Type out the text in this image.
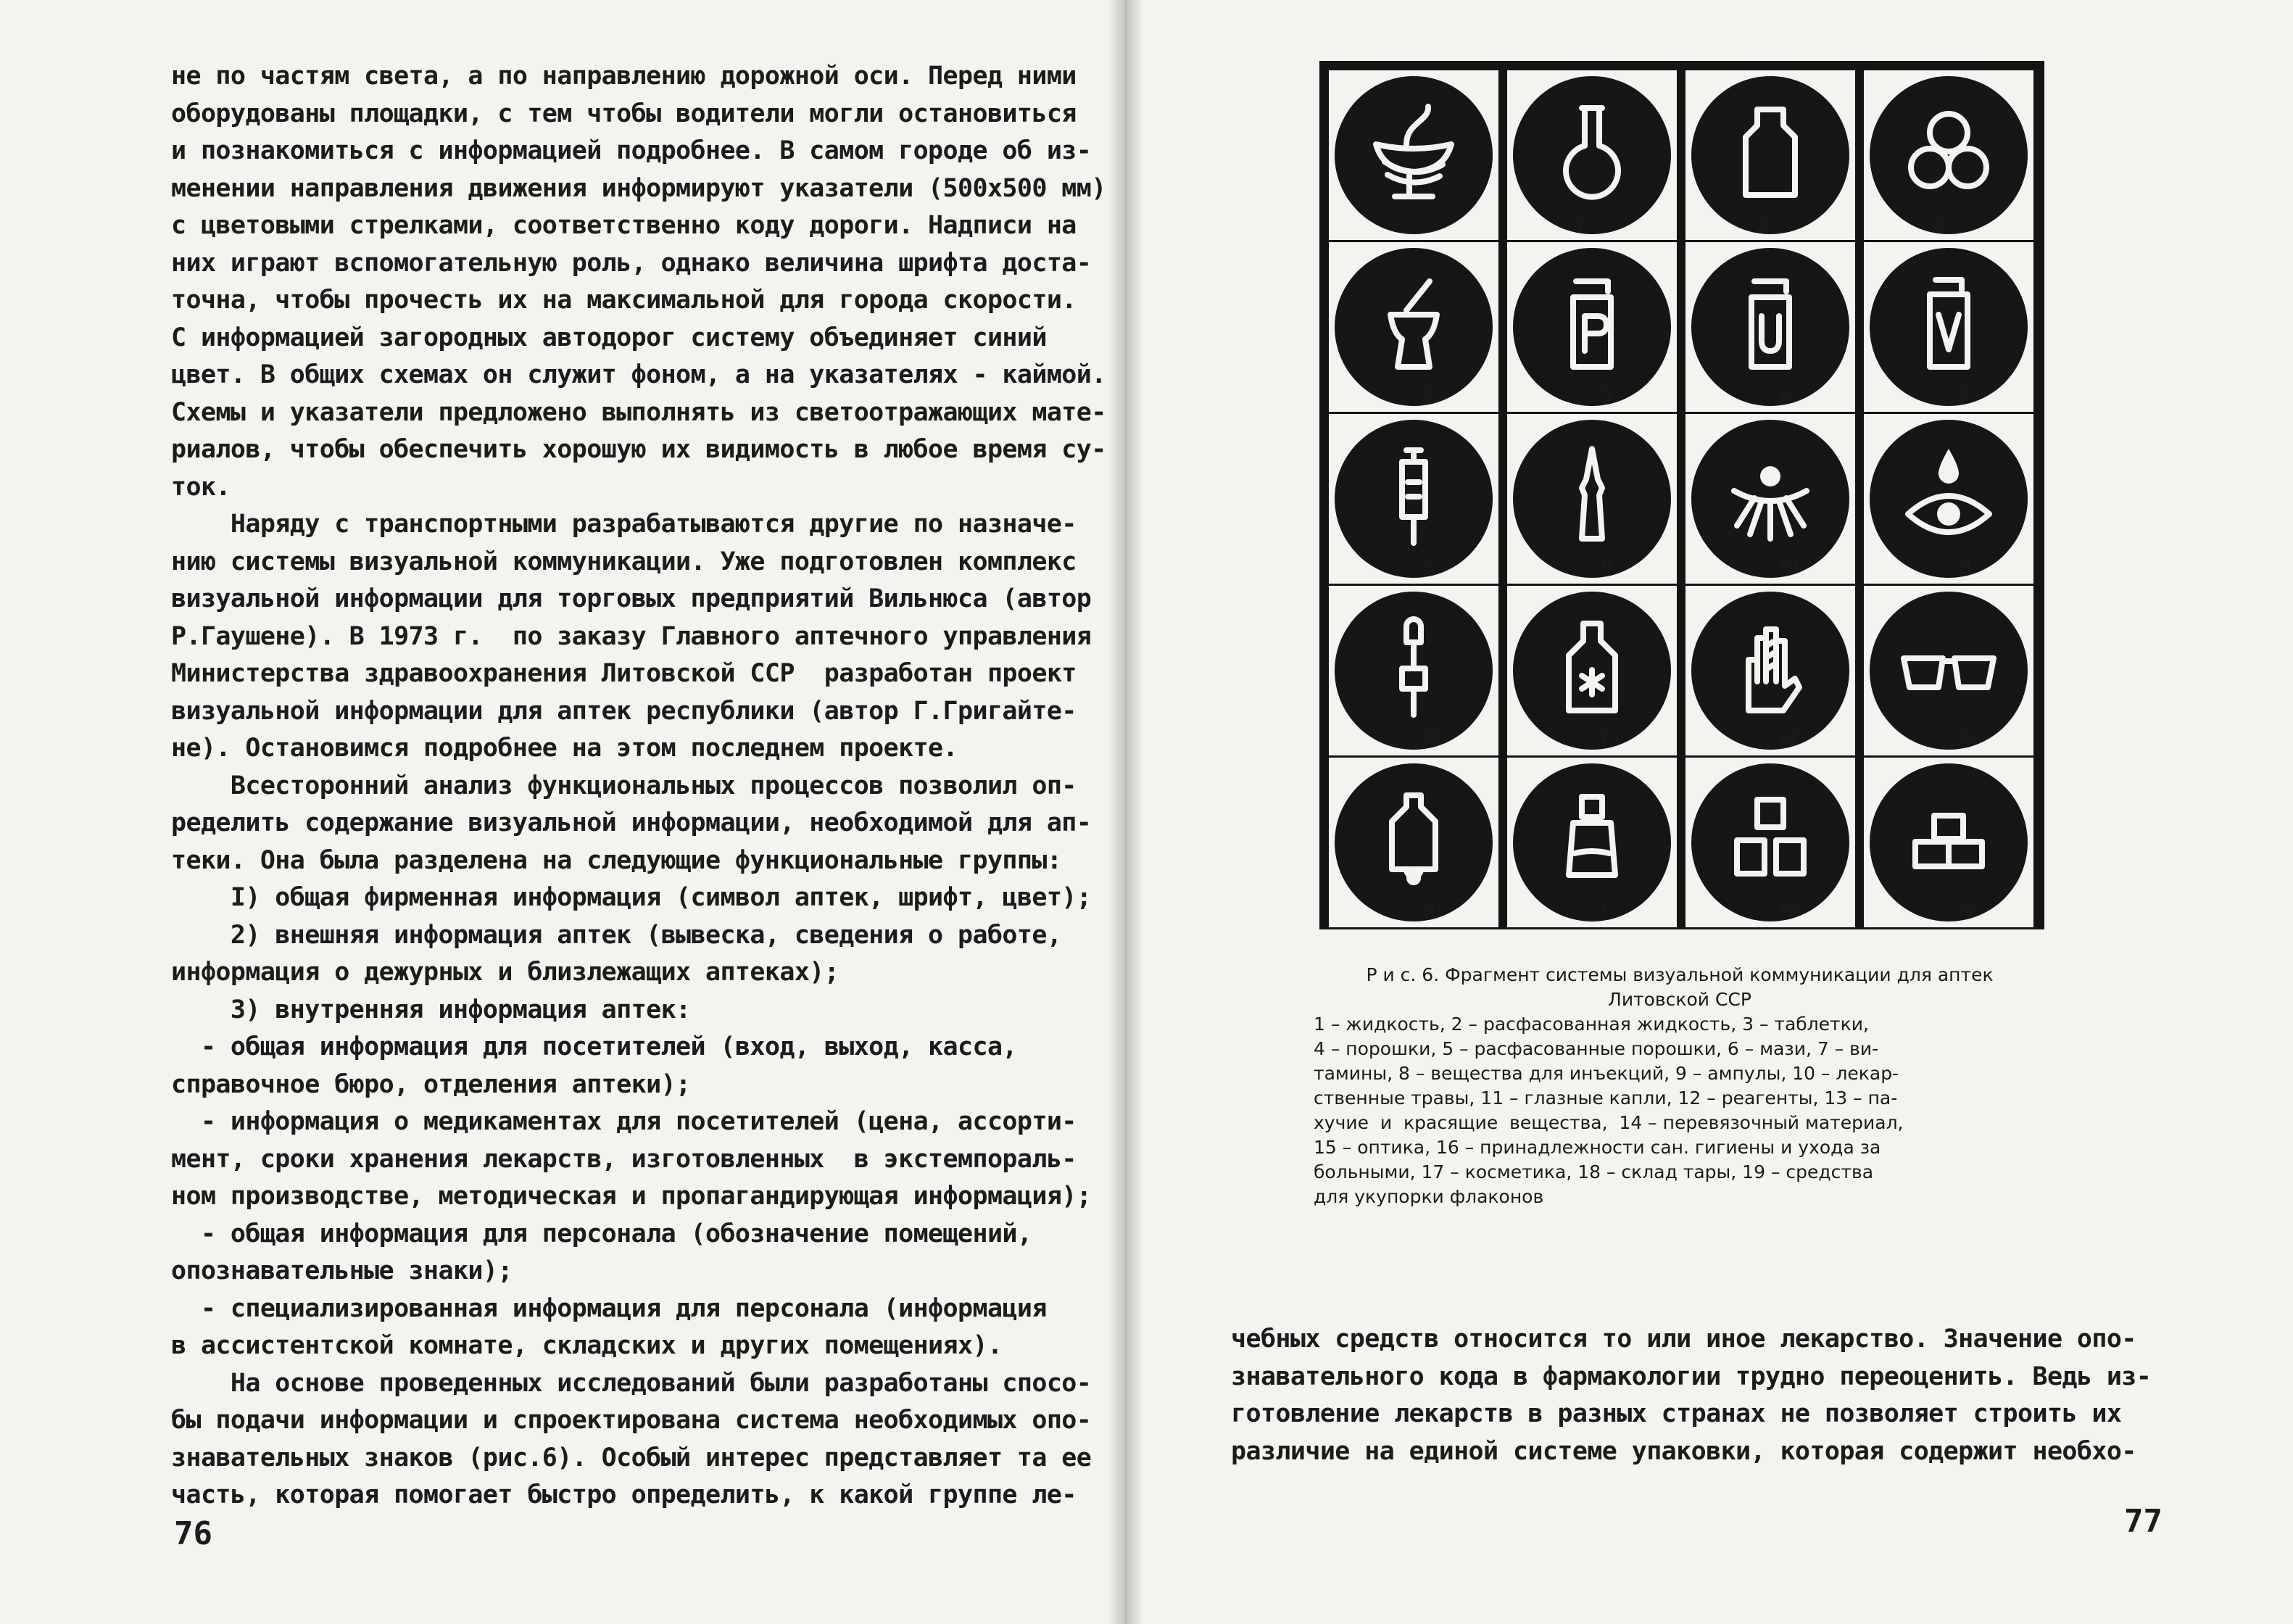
не по частям света, а по направлению дорожной оси. Перед ними
оборудованы площадки, с тем чтобы водители могли остановиться
и познакомиться с информацией подробнее. В самом городе об из-
менении направления движения информируют указатели (500х500 мм)
с цветовыми стрелками, соответственно коду дороги. Надписи на
них играют вспомогательную роль, однако величина шрифта доста-
точна, чтобы прочесть их на максимальной для города скорости.
С информацией загородных автодорог систему объединяет синий
цвет. В общих схемах он служит фоном, а на указателях - каймой.
Схемы и указатели предложено выполнять из светоотражающих мате-
риалов, чтобы обеспечить хорошую их видимость в любое время су-
ток.
Наряду с транспортными разрабатываются другие по назначе-
нию системы визуальной коммуникации. Уже подготовлен комплекс
визуальной информации для торговых предприятий Вильнюса (автор
Р.Гаушене). В 1973 г.  по заказу Главного аптечного управления
Министерства здравоохранения Литовской ССР  разработан проект
визуальной информации для аптек республики (автор Г.Григайте-
не). Остановимся подробнее на этом последнем проекте.
Всесторонний анализ функциональных процессов позволил оп-
ределить содержание визуальной информации, необходимой для ап-
теки. Она была разделена на следующие функциональные группы:
I) общая фирменная информация (символ аптек, шрифт, цвет);
2) внешняя информация аптек (вывеска, сведения о работе,
информация о дежурных и близлежащих аптеках);
3) внутренняя информация аптек:
- общая информация для посетителей (вход, выход, касса,
справочное бюро, отделения аптеки);
- информация о медикаментах для посетителей (цена, ассорти-
мент, сроки хранения лекарств, изготовленных  в экстемпораль-
ном производстве, методическая и пропагандирующая информация);
- общая информация для персонала (обозначение помещений,
опознавательные знаки);
- специализированная информация для персонала (информация
в ассистентской комнате, складских и других помещениях).
На основе проведенных исследований были разработаны спосо-
бы подачи информации и спроектирована система необходимых опо-
знавательных знаков (рис.6). Особый интерес представляет та ее
часть, которая помогает быстро определить, к какой группе ле-
76
I	2	3
4	5	6	7
8	9	I0	II
I2	I3	I4	I5
I6	I7	I8	I9
Р и с. 6. Фрагмент системы визуальной коммуникации для аптек
Литовской ССР
1 – жидкость, 2 – расфасованная жидкость, 3 – таблетки,
4 – порошки, 5 – расфасованные порошки, 6 – мази, 7 – ви-
тамины, 8 – вещества для инъекций, 9 – ампулы, 10 – лекар-
ственные травы, 11 – глазные капли, 12 – реагенты, 13 – па-
хучие  и  красящие  вещества,  14 – перевязочный материал,
15 – оптика, 16 – принадлежности сан. гигиены и ухода за
больными, 17 – косметика, 18 – склад тары, 19 – средства
для укупорки флаконов
чебных средств относится то или иное лекарство. Значение опо-
знавательного кода в фармакологии трудно переоценить. Ведь из-
готовление лекарств в разных странах не позволяет строить их
различие на единой системе упаковки, которая содержит необхо-
77
